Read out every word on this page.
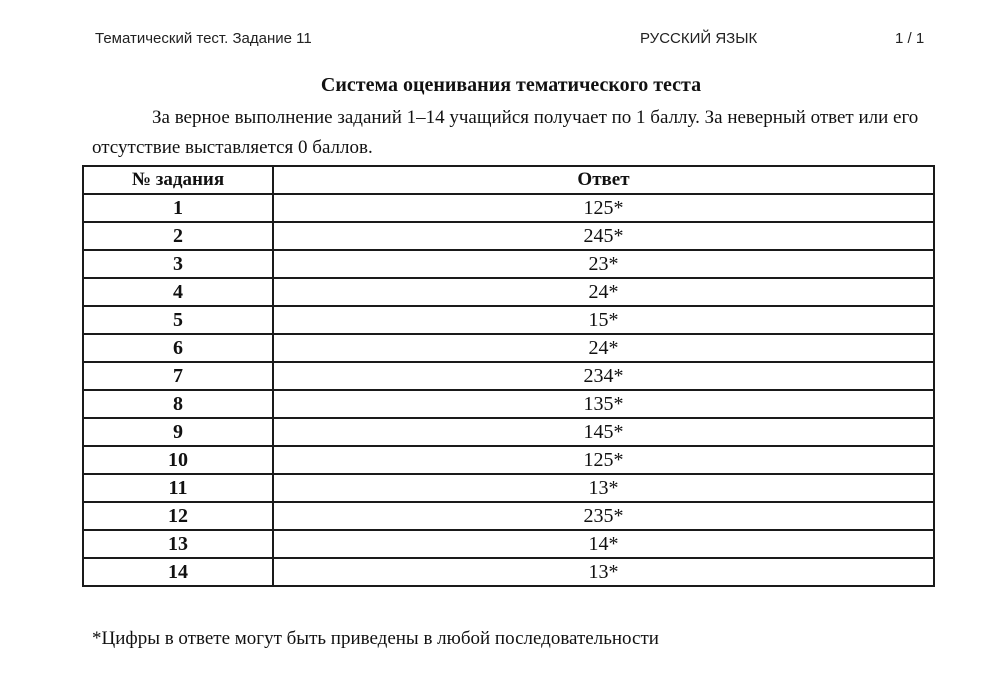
Тематический тест. Задание 11	РУССКИЙ ЯЗЫК	1 / 1
Система оценивания тематического теста

За верное выполнение заданий 1–14 учащийся получает по 1 баллу. За неверный ответ или его отсутствие выставляется 0 баллов.

№ задания	Ответ
1	125*
2	245*
3	23*
4	24*
5	15*
6	24*
7	234*
8	135*
9	145*
10	125*
11	13*
12	235*
13	14*
14	13*
*Цифры в ответе могут быть приведены в любой последовательности
